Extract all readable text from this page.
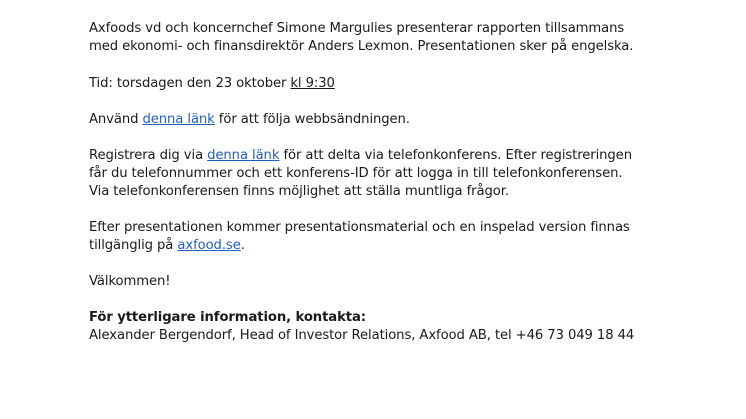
Axfoods vd och koncernchef Simone Margulies presenterar rapporten tillsammans
med ekonomi- och finansdirektör Anders Lexmon. Presentationen sker på engelska.

Tid: torsdagen den 23 oktober kl 9:30

Använd denna länk för att följa webbsändningen.

Registrera dig via denna länk för att delta via telefonkonferens. Efter registreringen
får du telefonnummer och ett konferens-ID för att logga in till telefonkonferensen.
Via telefonkonferensen finns möjlighet att ställa muntliga frågor.

Efter presentationen kommer presentationsmaterial och en inspelad version finnas
tillgänglig på axfood.se.

Välkommen!

För ytterligare information, kontakta:
Alexander Bergendorf, Head of Investor Relations, Axfood AB, tel +46 73 049 18 44
